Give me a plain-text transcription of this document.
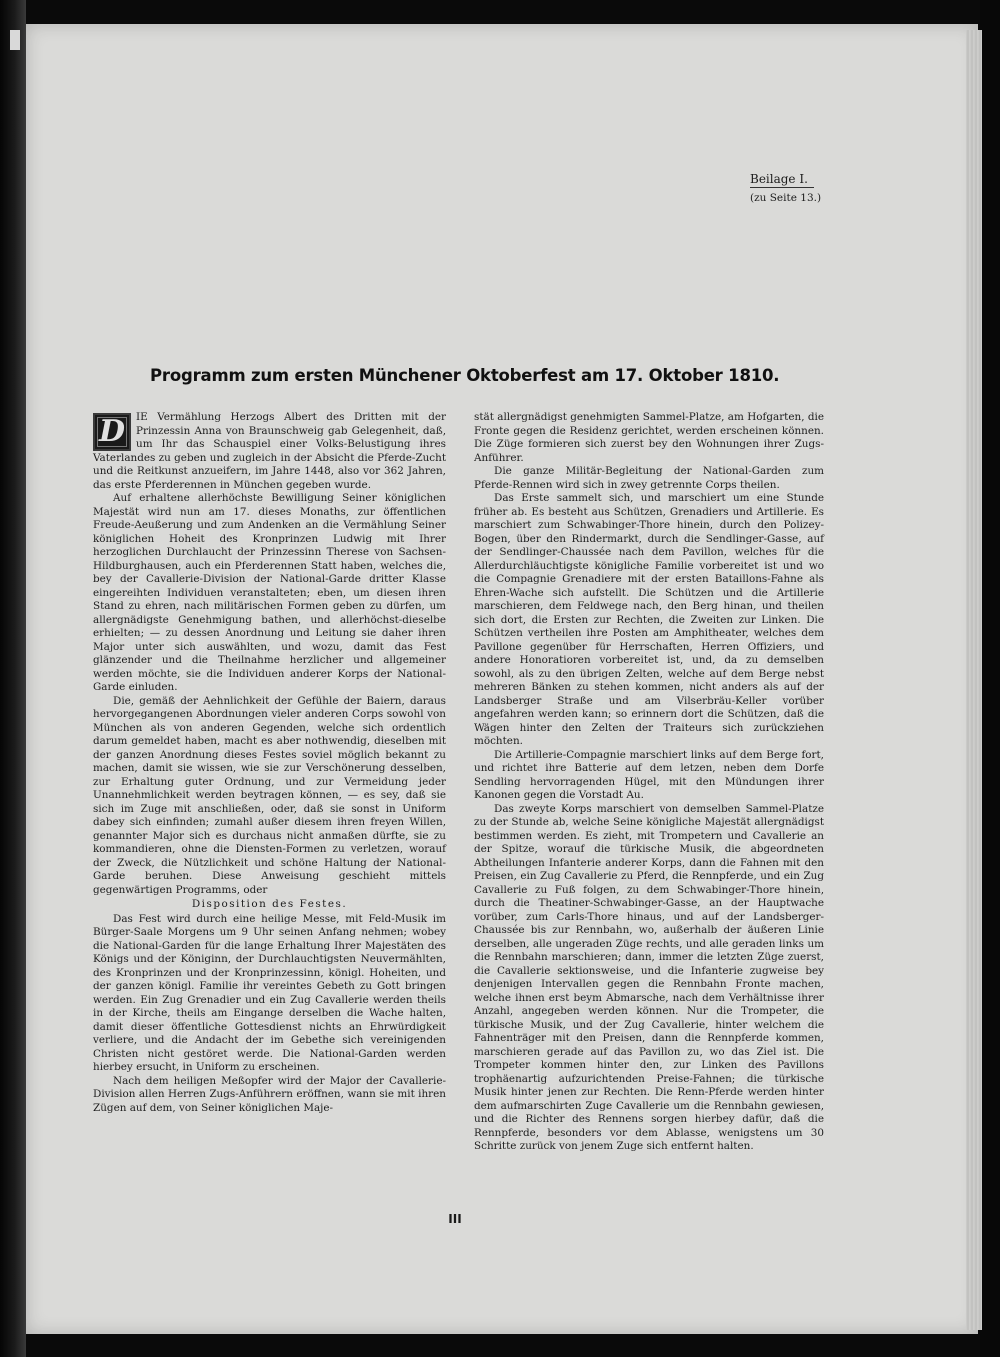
Beilage I.
(zu Seite 13.)
Programm zum ersten Münchener Oktoberfest am 17. Oktober 1810.

D	IE Vermählung Herzogs Albert des Dritten mit der Prinzessin Anna von Braunschweig gab Gelegenheit, daß, um Ihr das Schauspiel einer Volks-Belustigung ihres Vaterlandes zu geben und zugleich in der Absicht die Pferde-Zucht und die Reitkunst anzueifern, im Jahre 1448, also vor 362 Jahren, das erste Pferderennen in München gegeben wurde.

Auf erhaltene allerhöchste Bewilligung Seiner königlichen Majestät wird nun am 17. dieses Monaths, zur öffentlichen Freude-Aeußerung und zum Andenken an die Vermählung Seiner königlichen Hoheit des Kronprinzen Ludwig mit Ihrer herzoglichen Durchlaucht der Prinzessinn Therese von Sachsen-Hildburghausen, auch ein Pferderennen Statt haben, welches die, bey der Cavallerie-Division der National-Garde dritter Klasse eingereihten Individuen veranstalteten; eben, um diesen ihren Stand zu ehren, nach militärischen Formen geben zu dürfen, um allergnädigste Genehmigung bathen, und allerhöchst-dieselbe erhielten; — zu dessen Anordnung und Leitung sie daher ihren Major unter sich auswählten, und wozu, damit das Fest glänzender und die Theilnahme herzlicher und allgemeiner werden möchte, sie die Individuen anderer Korps der National-Garde einluden.

Die, gemäß der Aehnlichkeit der Gefühle der Baiern, daraus hervorgegangenen Abordnungen vieler anderen Corps sowohl von München als von anderen Gegenden, welche sich ordentlich darum gemeldet haben, macht es aber nothwendig, dieselben mit der ganzen Anordnung dieses Festes soviel möglich bekannt zu machen, damit sie wissen, wie sie zur Verschönerung desselben, zur Erhaltung guter Ordnung, und zur Vermeidung jeder Unannehmlichkeit werden beytragen können, — es sey, daß sie sich im Zuge mit anschließen, oder, daß sie sonst in Uniform dabey sich einfinden; zumahl außer diesem ihren freyen Willen, genannter Major sich es durchaus nicht anmaßen dürfte, sie zu kommandieren, ohne die Diensten-Formen zu verletzen, worauf der Zweck, die Nützlichkeit und schöne Haltung der National-Garde beruhen. Diese Anweisung geschieht mittels gegenwärtigen Programms, oder

Disposition des Festes.

Das Fest wird durch eine heilige Messe, mit Feld-Musik im Bürger-Saale Morgens um 9 Uhr seinen Anfang nehmen; wobey die National-Garden für die lange Erhaltung Ihrer Majestäten des Königs und der Königinn, der Durchlauchtigsten Neuvermählten, des Kronprinzen und der Kronprinzessinn, königl. Hoheiten, und der ganzen königl. Familie ihr vereintes Gebeth zu Gott bringen werden. Ein Zug Grenadier und ein Zug Cavallerie werden theils in der Kirche, theils am Eingange derselben die Wache halten, damit dieser öffentliche Gottesdienst nichts an Ehrwürdigkeit verliere, und die Andacht der im Gebethe sich vereinigenden Christen nicht gestöret werde. Die National-Garden werden hierbey ersucht, in Uniform zu erscheinen.

Nach dem heiligen Meßopfer wird der Major der Cavallerie-Division allen Herren Zugs-Anführern eröffnen, wann sie mit ihren Zügen auf dem, von Seiner königlichen Maje-

stät allergnädigst genehmigten Sammel-Platze, am Hofgarten, die Fronte gegen die Residenz gerichtet, werden erscheinen können. Die Züge formieren sich zuerst bey den Wohnungen ihrer Zugs-Anführer.

Die ganze Militär-Begleitung der National-Garden zum Pferde-Rennen wird sich in zwey getrennte Corps theilen.

Das Erste sammelt sich, und marschiert um eine Stunde früher ab. Es besteht aus Schützen, Grenadiers und Artillerie. Es marschiert zum Schwabinger-Thore hinein, durch den Polizey-Bogen, über den Rindermarkt, durch die Sendlinger-Gasse, auf der Sendlinger-Chaussée nach dem Pavillon, welches für die Allerdurchläuchtigste königliche Familie vorbereitet ist und wo die Compagnie Grenadiere mit der ersten Bataillons-Fahne als Ehren-Wache sich aufstellt. Die Schützen und die Artillerie marschieren, dem Feldwege nach, den Berg hinan, und theilen sich dort, die Ersten zur Rechten, die Zweiten zur Linken. Die Schützen vertheilen ihre Posten am Amphitheater, welches dem Pavillone gegenüber für Herrschaften, Herren Offiziers, und andere Honoratioren vorbereitet ist, und, da zu demselben sowohl, als zu den übrigen Zelten, welche auf dem Berge nebst mehreren Bänken zu stehen kommen, nicht anders als auf der Landsberger Straße und am Vilserbräu-Keller vorüber angefahren werden kann; so erinnern dort die Schützen, daß die Wägen hinter den Zelten der Traiteurs sich zurückziehen möchten.

Die Artillerie-Compagnie marschiert links auf dem Berge fort, und richtet ihre Batterie auf dem letzen, neben dem Dorfe Sendling hervorragenden Hügel, mit den Mündungen ihrer Kanonen gegen die Vorstadt Au.

Das zweyte Korps marschiert von demselben Sammel-Platze zu der Stunde ab, welche Seine königliche Majestät allergnädigst bestimmen werden. Es zieht, mit Trompetern und Cavallerie an der Spitze, worauf die türkische Musik, die abgeordneten Abtheilungen Infanterie anderer Korps, dann die Fahnen mit den Preisen, ein Zug Cavallerie zu Pferd, die Rennpferde, und ein Zug Cavallerie zu Fuß folgen, zu dem Schwabinger-Thore hinein, durch die Theatiner-Schwabinger-Gasse, an der Hauptwache vorüber, zum Carls-Thore hinaus, und auf der Landsberger-Chaussée bis zur Rennbahn, wo, außerhalb der äußeren Linie derselben, alle ungeraden Züge rechts, und alle geraden links um die Rennbahn marschieren; dann, immer die letzten Züge zuerst, die Cavallerie sektionsweise, und die Infanterie zugweise bey denjenigen Intervallen gegen die Rennbahn Fronte machen, welche ihnen erst beym Abmarsche, nach dem Verhältnisse ihrer Anzahl, angegeben werden können. Nur die Trompeter, die türkische Musik, und der Zug Cavallerie, hinter welchem die Fahnenträger mit den Preisen, dann die Rennpferde kommen, marschieren gerade auf das Pavillon zu, wo das Ziel ist. Die Trompeter kommen hinter den, zur Linken des Pavillons trophäenartig aufzurichtenden Preise-Fahnen; die türkische Musik hinter jenen zur Rechten. Die Renn-Pferde werden hinter dem aufmarschirten Zuge Cavallerie um die Rennbahn gewiesen, und die Richter des Rennens sorgen hierbey dafür, daß die Rennpferde, besonders vor dem Ablasse, wenigstens um 30 Schritte zurück von jenem Zuge sich entfernt halten.

III
